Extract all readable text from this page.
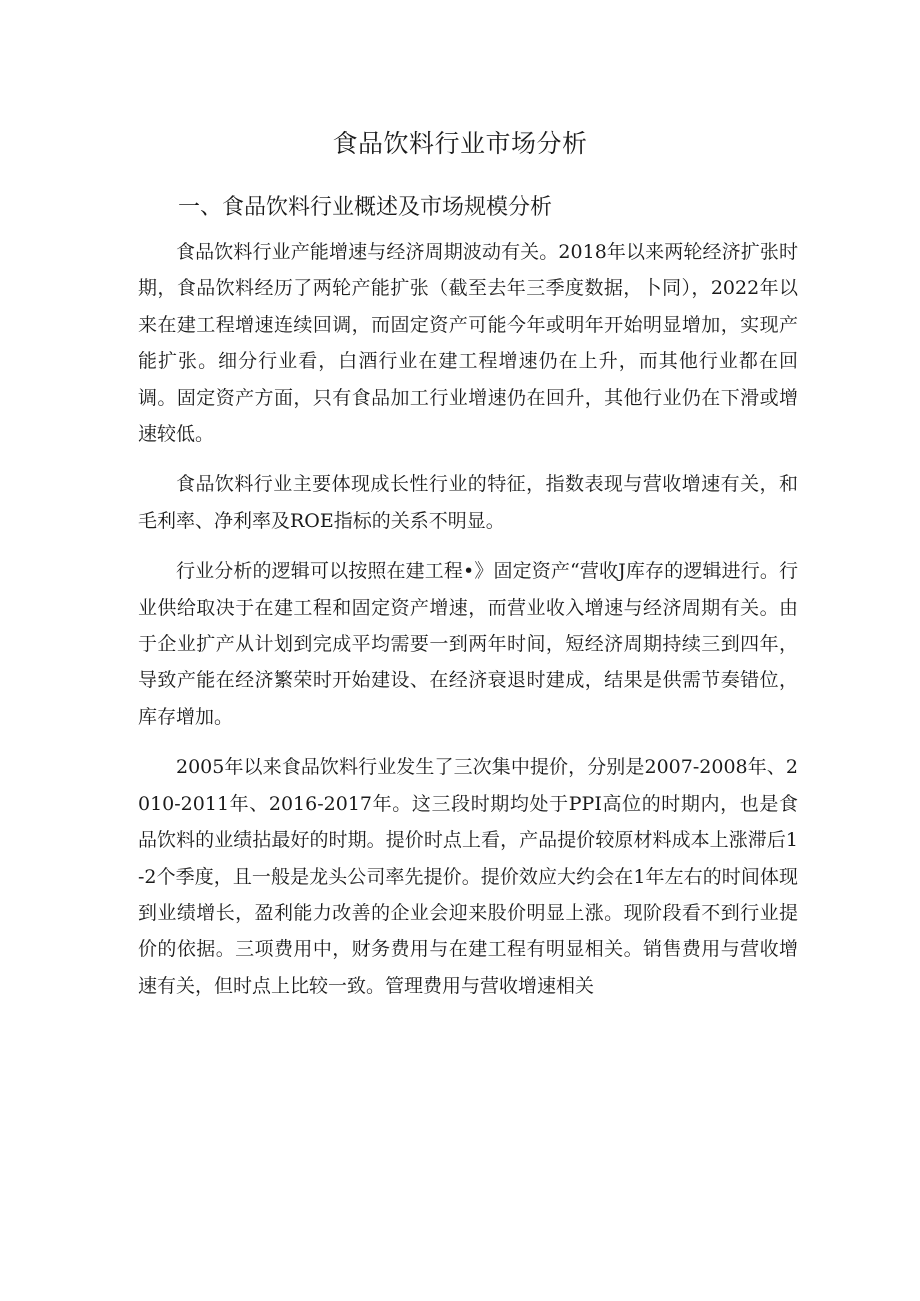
食品饮料行业市场分析
一、食品饮料行业概述及市场规模分析

食品饮料行业产能增速与经济周期波动有关。2018年以来两轮经济扩张时期，食品饮料经历了两轮产能扩张（截至去年三季度数据，卜同），2022年以来在建工程增速连续回调，而固定资产可能今年或明年开始明显增加，实现产能扩张。细分行业看，白酒行业在建工程增速仍在上升，而其他行业都在回调。固定资产方面，只有食品加工行业增速仍在回升，其他行业仍在下滑或增速较低。

食品饮料行业主要体现成长性行业的特征，指数表现与营收增速有关，和毛利率、净利率及ROE指标的关系不明显。

行业分析的逻辑可以按照在建工程•》固定资产“营收J库存的逻辑进行。行业供给取决于在建工程和固定资产增速，而营业收入增速与经济周期有关。由于企业扩产从计划到完成平均需要一到两年时间，短经济周期持续三到四年，导致产能在经济繁荣时开始建设、在经济衰退时建成，结果是供需节奏错位，库存增加。

2005年以来食品饮料行业发生了三次集中提价，分别是2007-2008年、2010-2011年、2016-2017年。这三段时期均处于PPI高位的时期内，也是食品饮料的业绩拈最好的时期。提价时点上看，产品提价较原材料成本上涨滞后1-2个季度，且一般是龙头公司率先提价。提价效应大约会在1年左右的时间体现到业绩增长，盈利能力改善的企业会迎来股价明显上涨。现阶段看不到行业提价的依据。三项费用中，财务费用与在建工程有明显相关。销售费用与营收增速有关，但时点上比较一致。管理费用与营收增速相关
